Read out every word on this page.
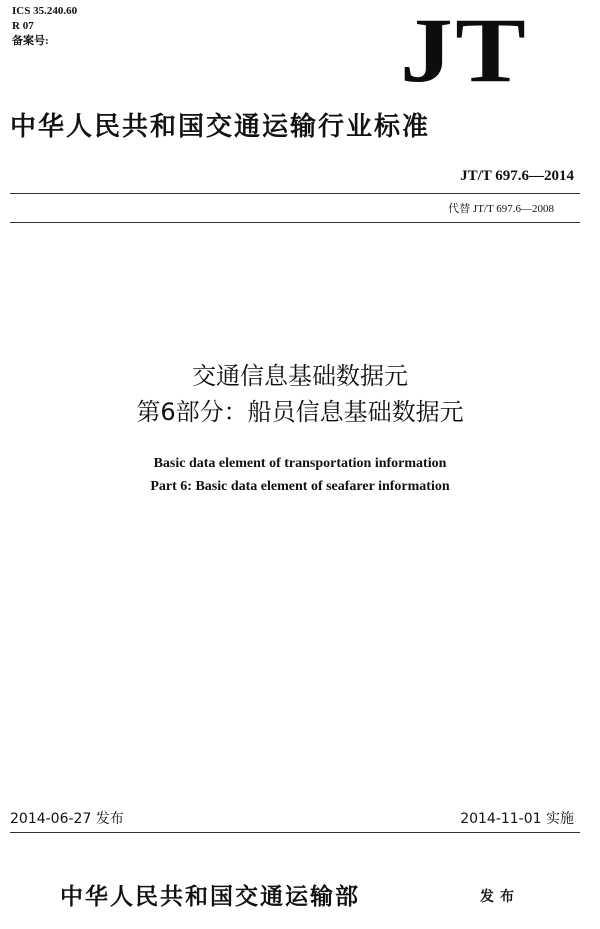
ICS 35.240.60
R 07
备案号:	JT
中华人民共和国交通运输行业标准
JT/T 697.6—2014
代替 JT/T 697.6—2008
交通信息基础数据元
第6部分：船员信息基础数据元
Basic data element of transportation information
Part 6: Basic data element of seafarer information
2014-06-27 发布	2014-11-01 实施
中华人民共和国交通运输部	发布
